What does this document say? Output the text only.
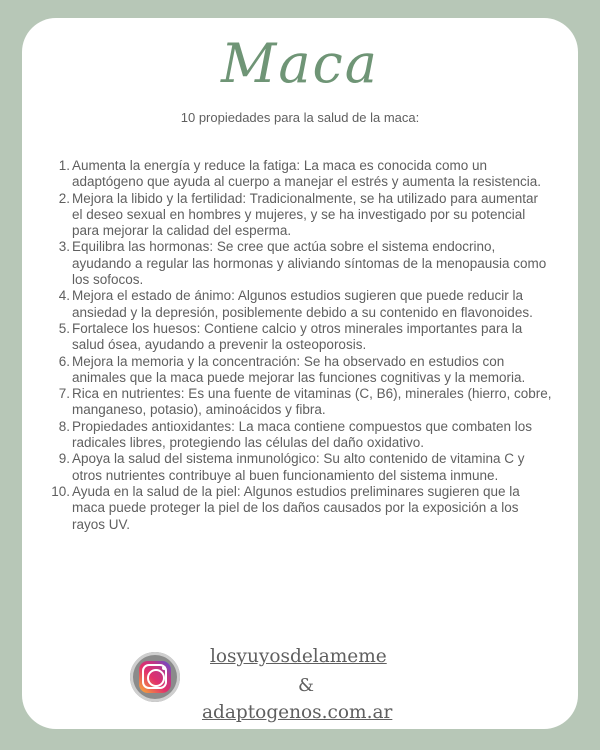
Maca
10 propiedades para la salud de la maca:
1. Aumenta la energía y reduce la fatiga: La maca es conocida como un adaptógeno que ayuda al cuerpo a manejar el estrés y aumenta la resistencia.
2. Mejora la libido y la fertilidad: Tradicionalmente, se ha utilizado para aumentar el deseo sexual en hombres y mujeres, y se ha investigado por su potencial para mejorar la calidad del esperma.
3. Equilibra las hormonas: Se cree que actúa sobre el sistema endocrino, ayudando a regular las hormonas y aliviando síntomas de la menopausia como los sofocos.
4. Mejora el estado de ánimo: Algunos estudios sugieren que puede reducir la ansiedad y la depresión, posiblemente debido a su contenido en flavonoides.
5. Fortalece los huesos: Contiene calcio y otros minerales importantes para la salud ósea, ayudando a prevenir la osteoporosis.
6. Mejora la memoria y la concentración: Se ha observado en estudios con animales que la maca puede mejorar las funciones cognitivas y la memoria.
7. Rica en nutrientes: Es una fuente de vitaminas (C, B6), minerales (hierro, cobre, manganeso, potasio), aminoácidos y fibra.
8. Propiedades antioxidantes: La maca contiene compuestos que combaten los radicales libres, protegiendo las células del daño oxidativo.
9. Apoya la salud del sistema inmunológico: Su alto contenido de vitamina C y otros nutrientes contribuye al buen funcionamiento del sistema inmune.
10. Ayuda en la salud de la piel: Algunos estudios preliminares sugieren que la maca puede proteger la piel de los daños causados por la exposición a los rayos UV.
losyuyosdelameme
&
adaptogenos.com.ar
